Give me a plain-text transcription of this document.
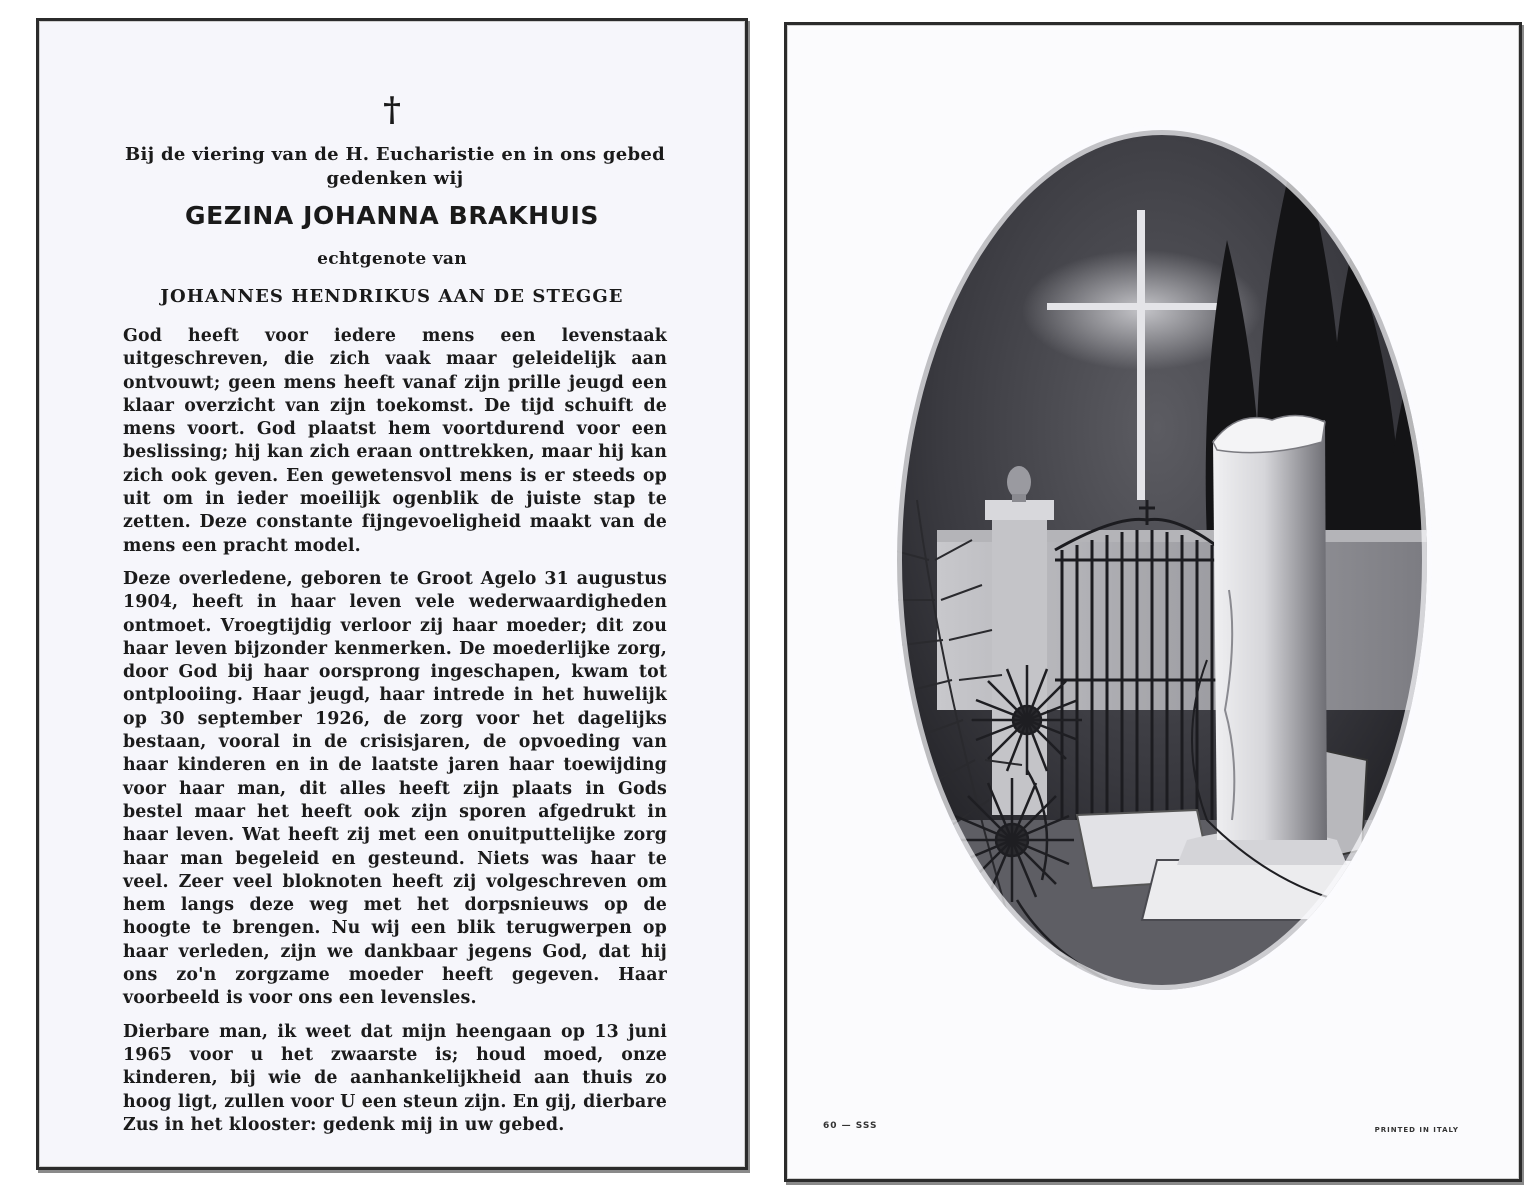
†
Bij de viering van de H. Eucharistie en in ons gebed gedenken wij
GEZINA JOHANNA BRAKHUIS
echtgenote van
JOHANNES HENDRIKUS AAN DE STEGGE

God heeft voor iedere mens een levenstaak uitgeschreven, die zich vaak maar geleidelijk aan ontvouwt; geen mens heeft vanaf zijn prille jeugd een klaar overzicht van zijn toekomst. De tijd schuift de mens voort. God plaatst hem voortdurend voor een beslissing; hij kan zich eraan onttrekken, maar hij kan zich ook geven. Een gewetensvol mens is er steeds op uit om in ieder moeilijk ogenblik de juiste stap te zetten. Deze constante fijngevoeligheid maakt van de mens een pracht model.

Deze overledene, geboren te Groot Agelo 31 augustus 1904, heeft in haar leven vele wederwaardigheden ontmoet. Vroegtijdig verloor zij haar moeder; dit zou haar leven bijzonder kenmerken. De moederlijke zorg, door God bij haar oorsprong ingeschapen, kwam tot ontplooiing. Haar jeugd, haar intrede in het huwelijk op 30 september 1926, de zorg voor het dagelijks bestaan, vooral in de crisisjaren, de opvoeding van haar kinderen en in de laatste jaren haar toewijding voor haar man, dit alles heeft zijn plaats in Gods bestel maar het heeft ook zijn sporen afgedrukt in haar leven. Wat heeft zij met een onuitputtelijke zorg haar man begeleid en gesteund. Niets was haar te veel. Zeer veel bloknoten heeft zij volgeschreven om hem langs deze weg met het dorpsnieuws op de hoogte te brengen. Nu wij een blik terugwerpen op haar verleden, zijn we dankbaar jegens God, dat hij ons zo'n zorgzame moeder heeft gegeven. Haar voorbeeld is voor ons een levensles.

Dierbare man, ik weet dat mijn heengaan op 13 juni 1965 voor u het zwaarste is; houd moed, onze kinderen, bij wie de aanhankelijkheid aan thuis zo hoog ligt, zullen voor U een steun zijn. En gij, dierbare Zus in het klooster: gedenk mij in uw gebed.	60 — SSS	PRINTED IN ITALY
